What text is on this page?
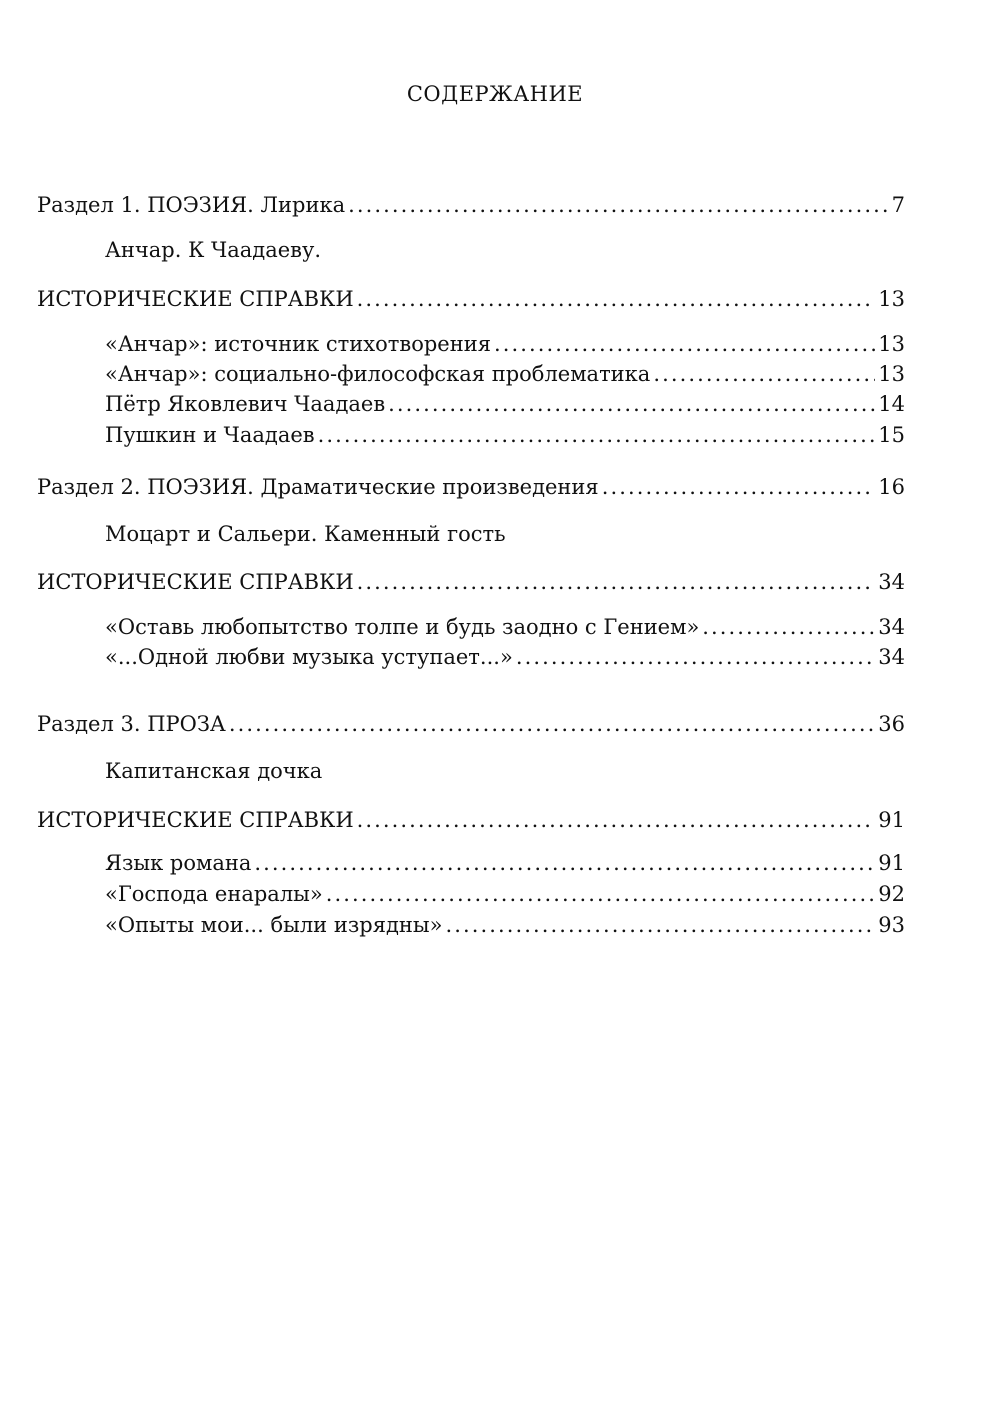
СОДЕРЖАНИЕ
Раздел 1. ПОЭЗИЯ. Лирика . . .	7
Анчар. К Чаадаеву.
ИСТОРИЧЕСКИЕ СПРАВКИ . . .	13
«Анчар»: источник стихотворения . . .	13
«Анчар»: социально-философская проблематика . . .	13
Пётр Яковлевич Чаадаев . . .	14
Пушкин и Чаадаев . . .	15
Раздел 2. ПОЭЗИЯ. Драматические произведения . . .	16
Моцарт и Сальери. Каменный гость
ИСТОРИЧЕСКИЕ СПРАВКИ . . .	34
«Оставь любопытство толпе и будь заодно с Гением» . . .	34
«...Одной любви музыка уступает...» . . .	34
Раздел 3. ПРОЗА . . .	36
Капитанская дочка
ИСТОРИЧЕСКИЕ СПРАВКИ . . .	91
Язык романа . . .	91
«Господа енаралы» . . .	92
«Опыты мои... были изрядны» . . .	93
